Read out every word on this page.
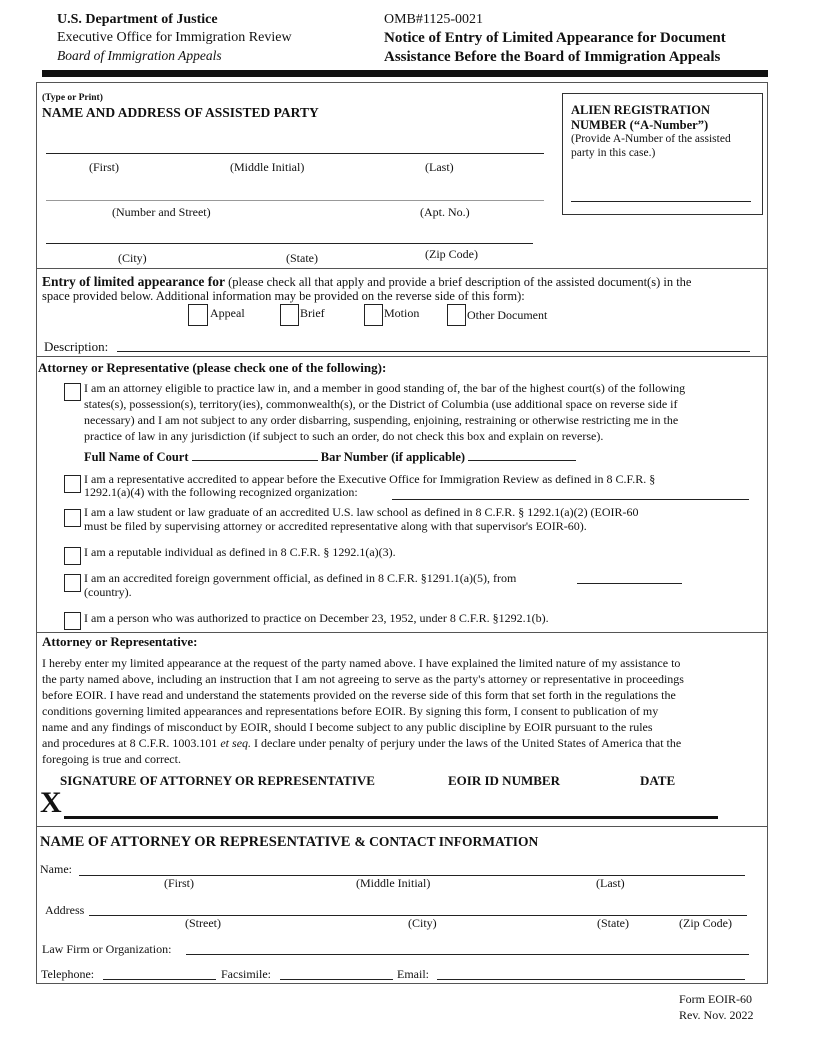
U.S. Department of Justice
Executive Office for Immigration Review
Board of Immigration Appeals
OMB#1125-0021
Notice of Entry of Limited Appearance for Document
Assistance Before the Board of Immigration Appeals
(Type or Print)
NAME AND ADDRESS OF ASSISTED PARTY
(First)	(Middle Initial)	(Last)
(Number and Street)	(Apt. No.)
(City)	(State)	(Zip Code)
ALIEN REGISTRATION
NUMBER (“A-Number”)
(Provide A-Number of the assisted
party in this case.)
Entry of limited appearance for (please check all that apply and provide a brief description of the assisted document(s) in the
space provided below. Additional information may be provided on the reverse side of this form):
Appeal	Brief	Motion	Other Document
Description:
Attorney or Representative (please check one of the following):
I am an attorney eligible to practice law in, and a member in good standing of, the bar of the highest court(s) of the following
states(s), possession(s), territory(ies), commonwealth(s), or the District of Columbia (use additional space on reverse side if
necessary) and I am not subject to any order disbarring, suspending, enjoining, restraining or otherwise restricting me in the
practice of law in any jurisdiction (if subject to such an order, do not check this box and explain on reverse).
Full Name of Court	Bar Number (if applicable)
I am a representative accredited to appear before the Executive Office for Immigration Review as defined in 8 C.F.R. §
1292.1(a)(4) with the following recognized organization:
I am a law student or law graduate of an accredited U.S. law school as defined in 8 C.F.R. § 1292.1(a)(2) (EOIR-60
must be filed by supervising attorney or accredited representative along with that supervisor's EOIR-60).
I am a reputable individual as defined in 8 C.F.R. § 1292.1(a)(3).
I am an accredited foreign government official, as defined in 8 C.F.R. §1291.1(a)(5), from
(country).
I am a person who was authorized to practice on December 23, 1952, under 8 C.F.R. §1292.1(b).
Attorney or Representative:
I hereby enter my limited appearance at the request of the party named above. I have explained the limited nature of my assistance to
the party named above, including an instruction that I am not agreeing to serve as the party's attorney or representative in proceedings
before EOIR. I have read and understand the statements provided on the reverse side of this form that set forth in the regulations the
conditions governing limited appearances and representations before EOIR. By signing this form, I consent to publication of my
name and any findings of misconduct by EOIR, should I become subject to any public discipline by EOIR pursuant to the rules
and procedures at 8 C.F.R. 1003.101 et seq. I declare under penalty of perjury under the laws of the United States of America that the
foregoing is true and correct.
SIGNATURE OF ATTORNEY OR REPRESENTATIVE	EOIR ID NUMBER	DATE
X
NAME OF ATTORNEY OR REPRESENTATIVE & CONTACT INFORMATION
Name:
(First)	(Middle Initial)	(Last)
Address
(Street)	(City)	(State)	(Zip Code)
Law Firm or Organization:
Telephone:	Facsimile:	Email:
Form EOIR-60
Rev. Nov. 2022
